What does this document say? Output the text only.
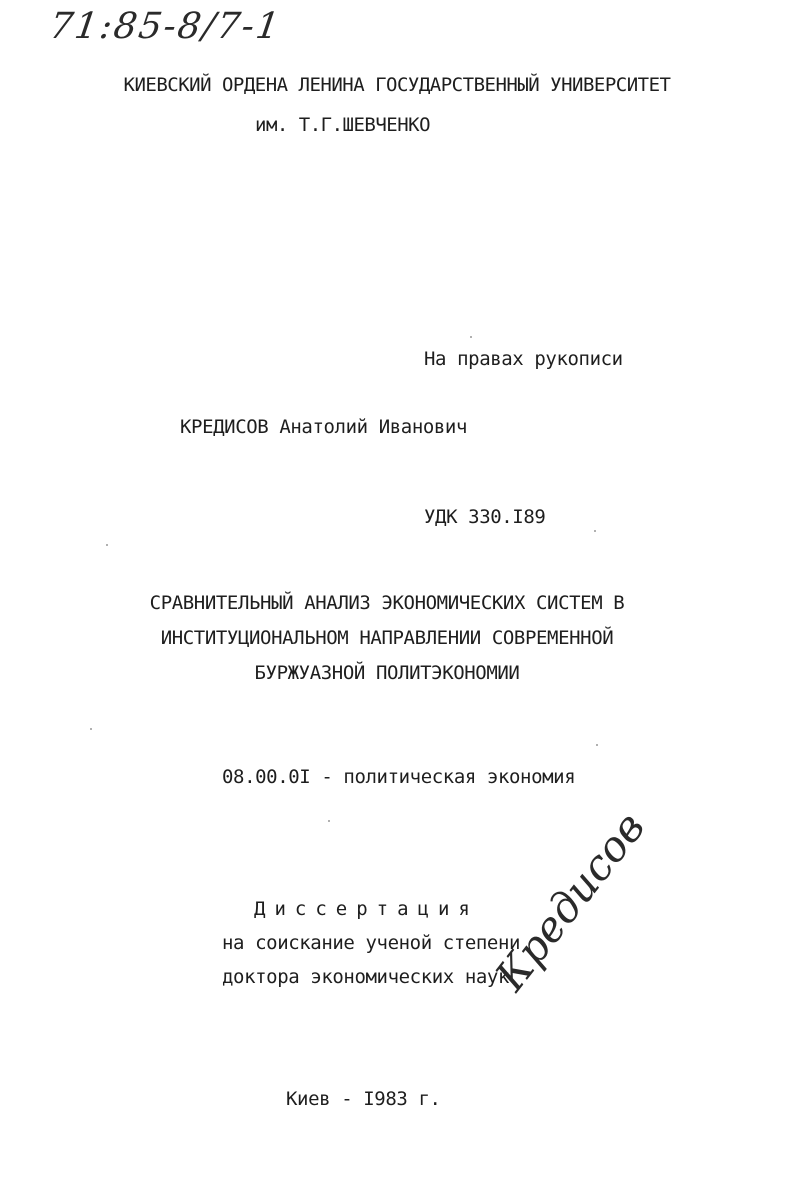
71:85-8/7-1
КИЕВСКИЙ ОРДЕНА ЛЕНИНА ГОСУДАРСТВЕННЫЙ УНИВЕРСИТЕТ
им. Т.Г.ШЕВЧЕНКО
На правах рукописи
КРЕДИСОВ Анатолий Иванович
УДК 330.I89
СРАВНИТЕЛЬНЫЙ АНАЛИЗ ЭКОНОМИЧЕСКИХ СИСТЕМ В
ИНСТИТУЦИОНАЛЬНОМ НАПРАВЛЕНИИ СОВРЕМЕННОЙ
БУРЖУАЗНОЙ ПОЛИТЭКОНОМИИ
08.00.0I - политическая экономия
Диссертация
на соискание ученой степени
доктора экономических наук
Кредисов
Киев - I983 г.
